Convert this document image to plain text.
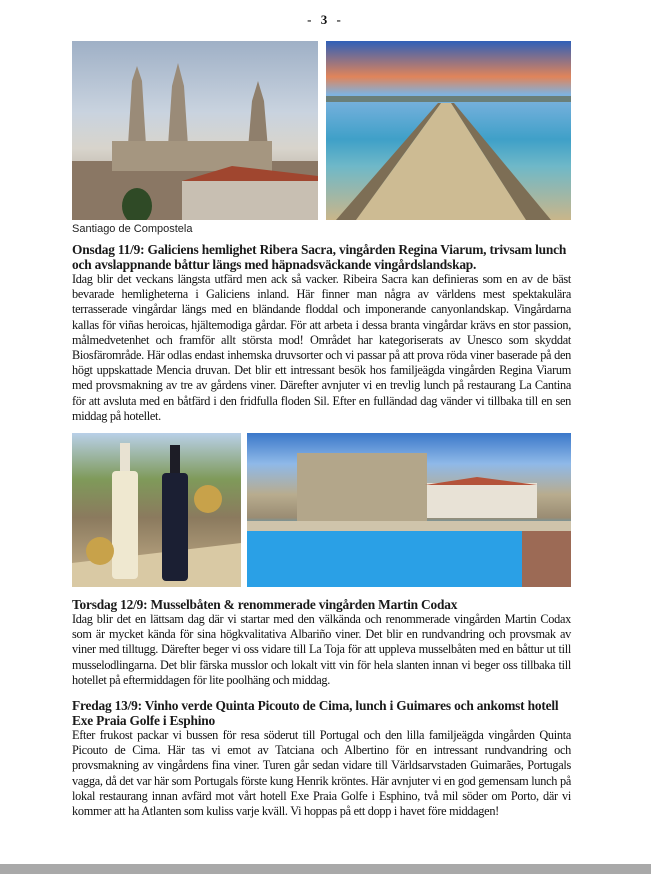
- 3 -
Santiago de Compostela
Onsdag 11/9: Galiciens hemlighet Ribera Sacra, vingården Regina Viarum, trivsam lunch och avslappnande båttur längs med häpnadsväckande vingårdslandskap.

Idag blir det veckans längsta utfärd men ack så vacker. Ribeira Sacra kan definieras som en av de bäst bevarade hemligheterna i Galiciens inland. Här finner man några av världens mest spektakulära terrasserade vingårdar längs med en bländande floddal och imponerande canyonlandskap. Vingårdarna kallas för viñas heroicas, hjältemodiga gårdar. För att arbeta i dessa branta vingårdar krävs en stor passion, målmedvetenhet och framför allt största mod! Området har kategoriserats av Unesco som skyddat Biosfärområde. Här odlas endast inhemska druvsorter och vi passar på att prova röda viner baserade på den högt uppskattade Mencia druvan. Det blir ett intressant besök hos familjeägda vingården Regina Viarum med provsmakning av tre av gårdens viner. Därefter avnjuter vi en trevlig lunch på restaurang La Cantina för att avsluta med en båtfärd i den fridfulla floden Sil. Efter en fulländad dag vänder vi tillbaka till en sen middag på hotellet.

Torsdag 12/9: Musselbåten & renommerade vingården Martin Codax

Idag blir det en lättsam dag där vi startar med den välkända och renommerade vingården Martin Codax som är mycket kända för sina högkvalitativa Albariño viner. Det blir en rundvandring och provsmak av viner med tilltugg. Därefter beger vi oss vidare till La Toja för att uppleva musselbåten med en båttur ut till musselodlingarna. Det blir färska musslor och lokalt vitt vin för hela slanten innan vi beger oss tillbaka till hotellet på eftermiddagen för lite poolhäng och middag.

Fredag 13/9: Vinho verde Quinta Picouto de Cima, lunch i Guimares och ankomst hotell Exe Praia Golfe i Esphino

Efter frukost packar vi bussen för resa söderut till Portugal och den lilla familjeägda vingården Quinta Picouto de Cima. Här tas vi emot av Tatciana och Albertino för en intressant rundvandring och provsmakning av vingårdens fina viner. Turen går sedan vidare till Världsarvstaden Guimarães, Portugals vagga, då det var här som Portugals förste kung Henrik kröntes. Här avnjuter vi en god gemensam lunch på lokal restaurang innan avfärd mot vårt hotell Exe Praia Golfe i Esphino, två mil söder om Porto, där vi kommer att ha Atlanten som kuliss varje kväll. Vi hoppas på ett dopp i havet före middagen!
